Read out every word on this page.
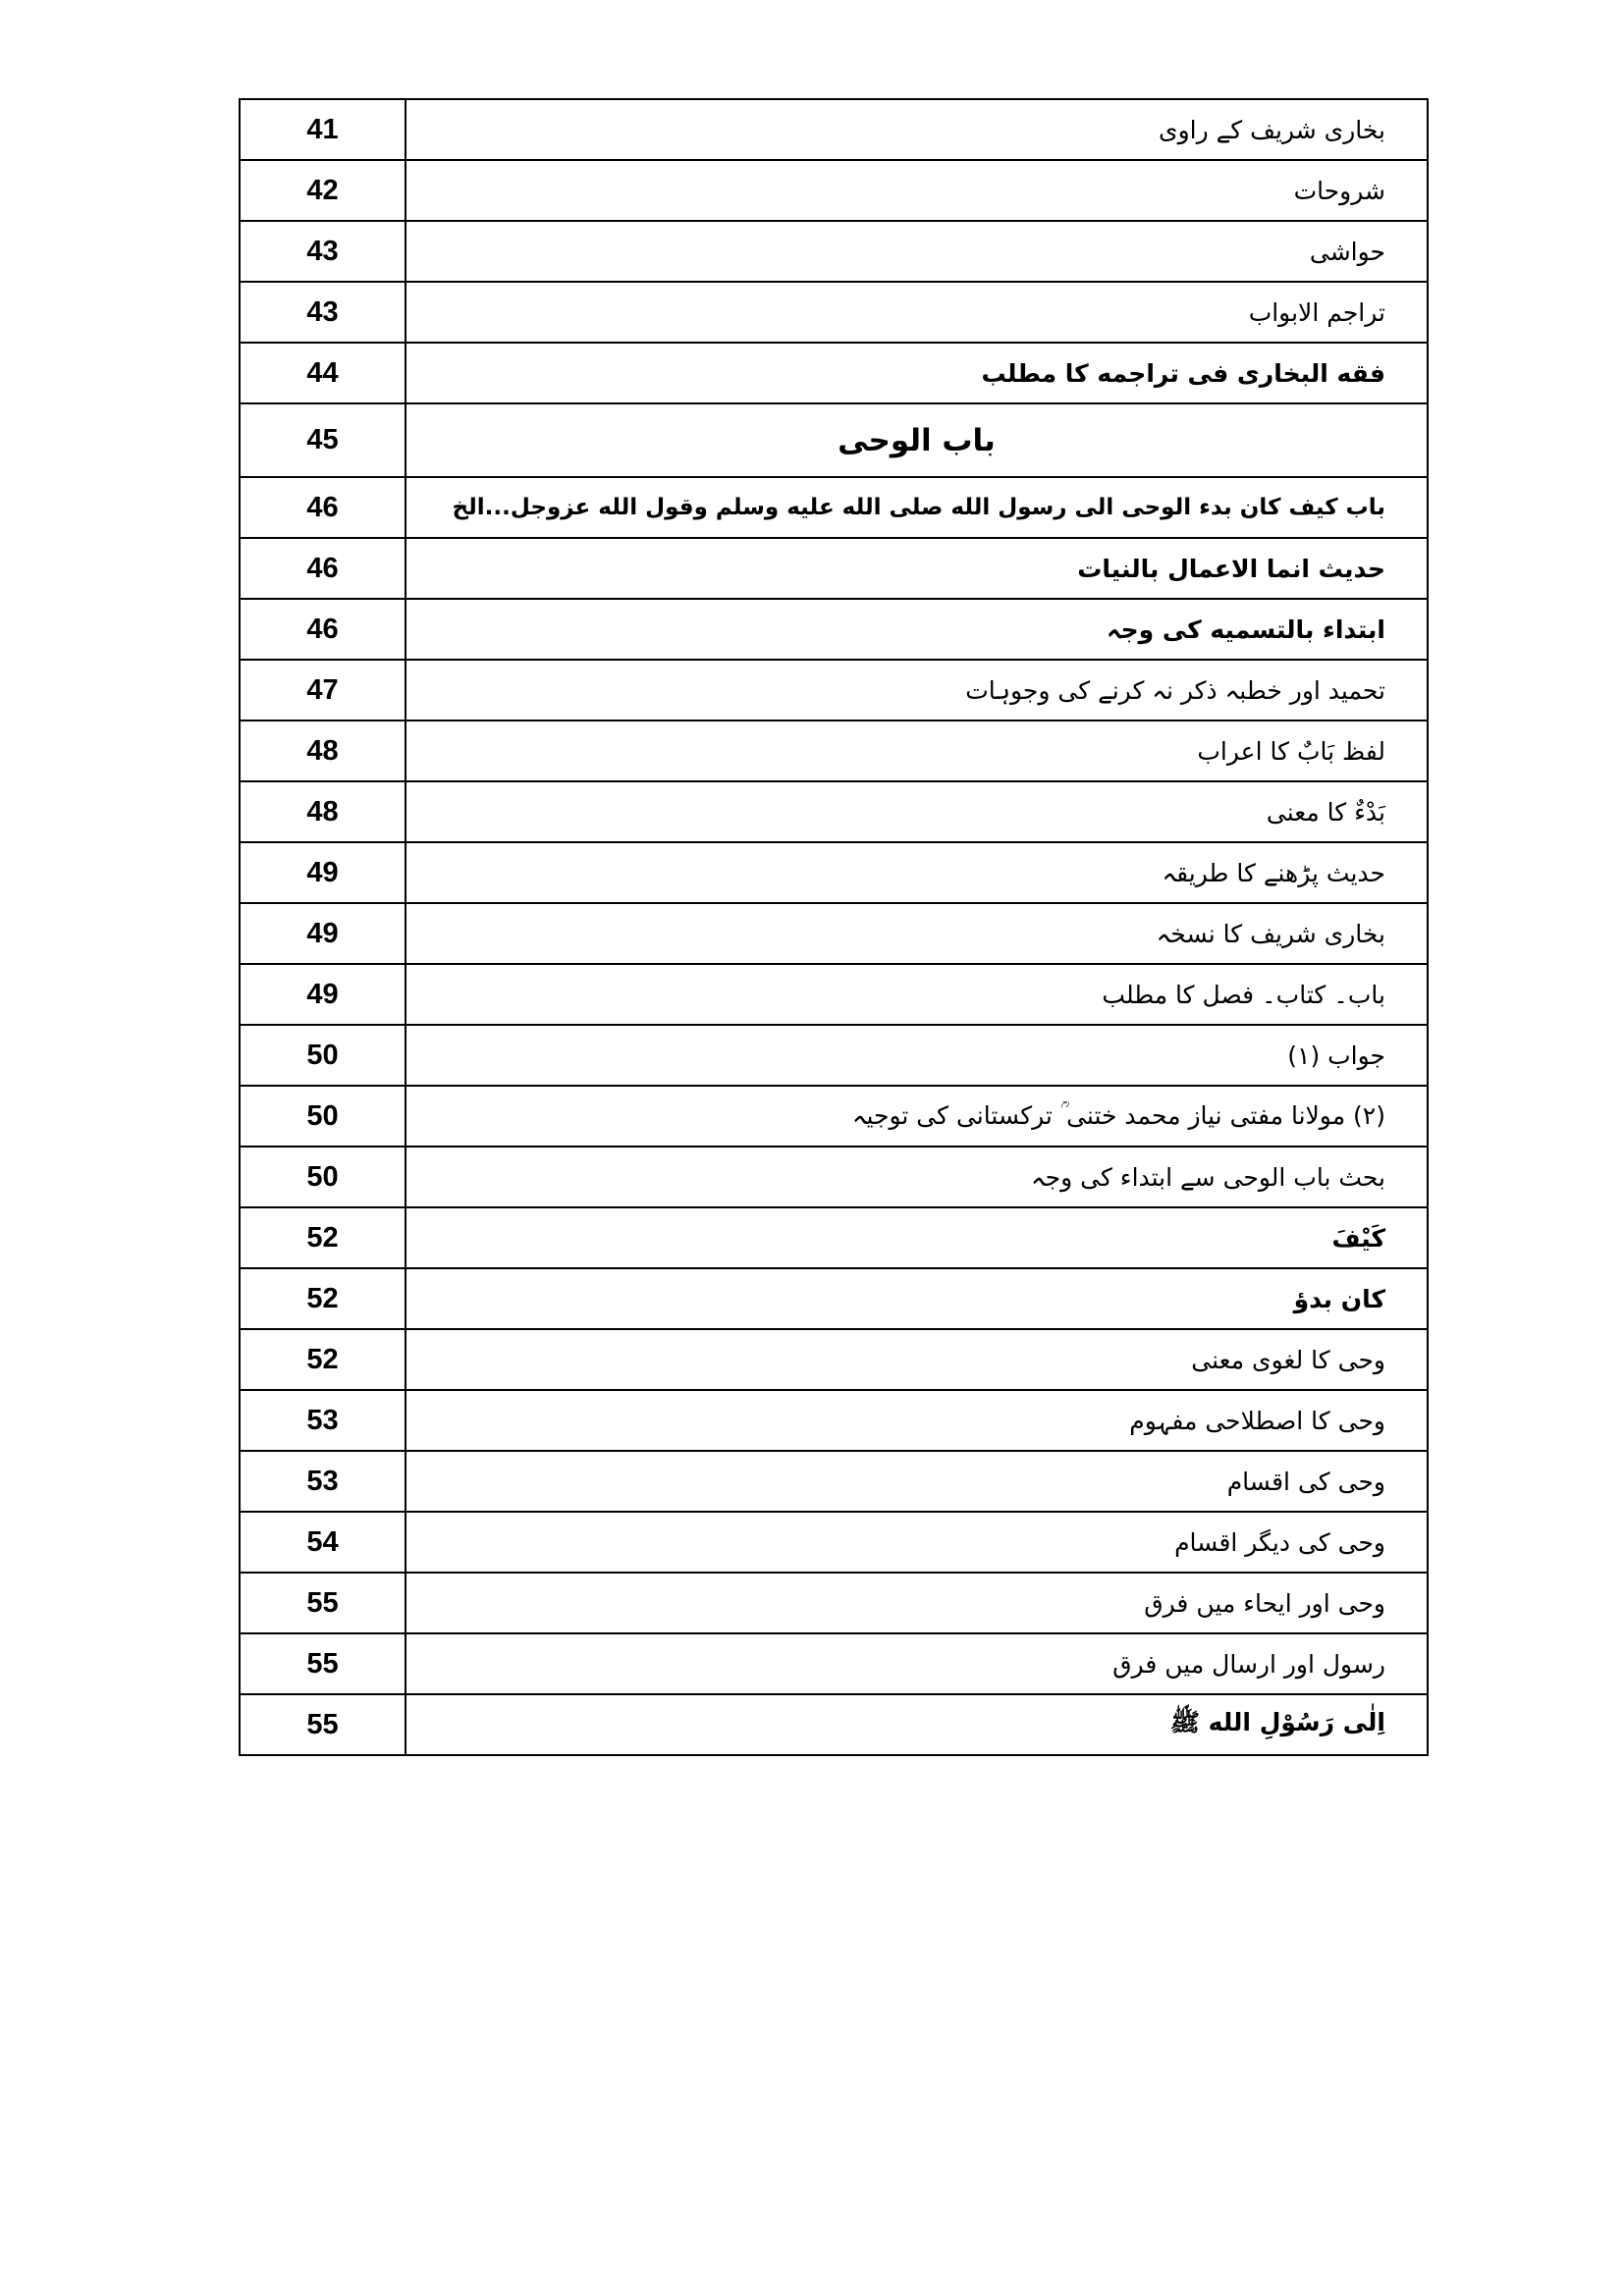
41	بخاری شریف کے راوی
42	شروحات
43	حواشی
43	تراجم الابواب
44	فقه البخاری فی تراجمه کا مطلب
45	باب الوحی
46	باب کیف کان بدء الوحی الی رسول الله صلی الله علیه وسلم وقول الله عزوجل...الخ
46	حدیث انما الاعمال بالنیات
46	ابتداء بالتسمیه کی وجہ
47	تحمید اور خطبہ ذکر نہ کرنے کی وجوہات
48	لفظ بَابٌ کا اعراب
48	بَدْءٌ کا معنی
49	حدیث پڑھنے کا طریقہ
49	بخاری شریف کا نسخہ
49	باب۔ کتاب۔ فصل کا مطلب
50	جواب (۱)
50	(۲) مولانا مفتی نیاز محمد ختنی ؒ ترکستانی کی توجیہ
50	بحث باب الوحی سے ابتداء کی وجہ
52	کَیْفَ
52	کان بدؤ
52	وحی کا لغوی معنی
53	وحی کا اصطلاحی مفہوم
53	وحی کی اقسام
54	وحی کی دیگر اقسام
55	وحی اور ایحاء میں فرق
55	رسول اور ارسال میں فرق
55	اِلٰی رَسُوْلِ الله ﷺ
